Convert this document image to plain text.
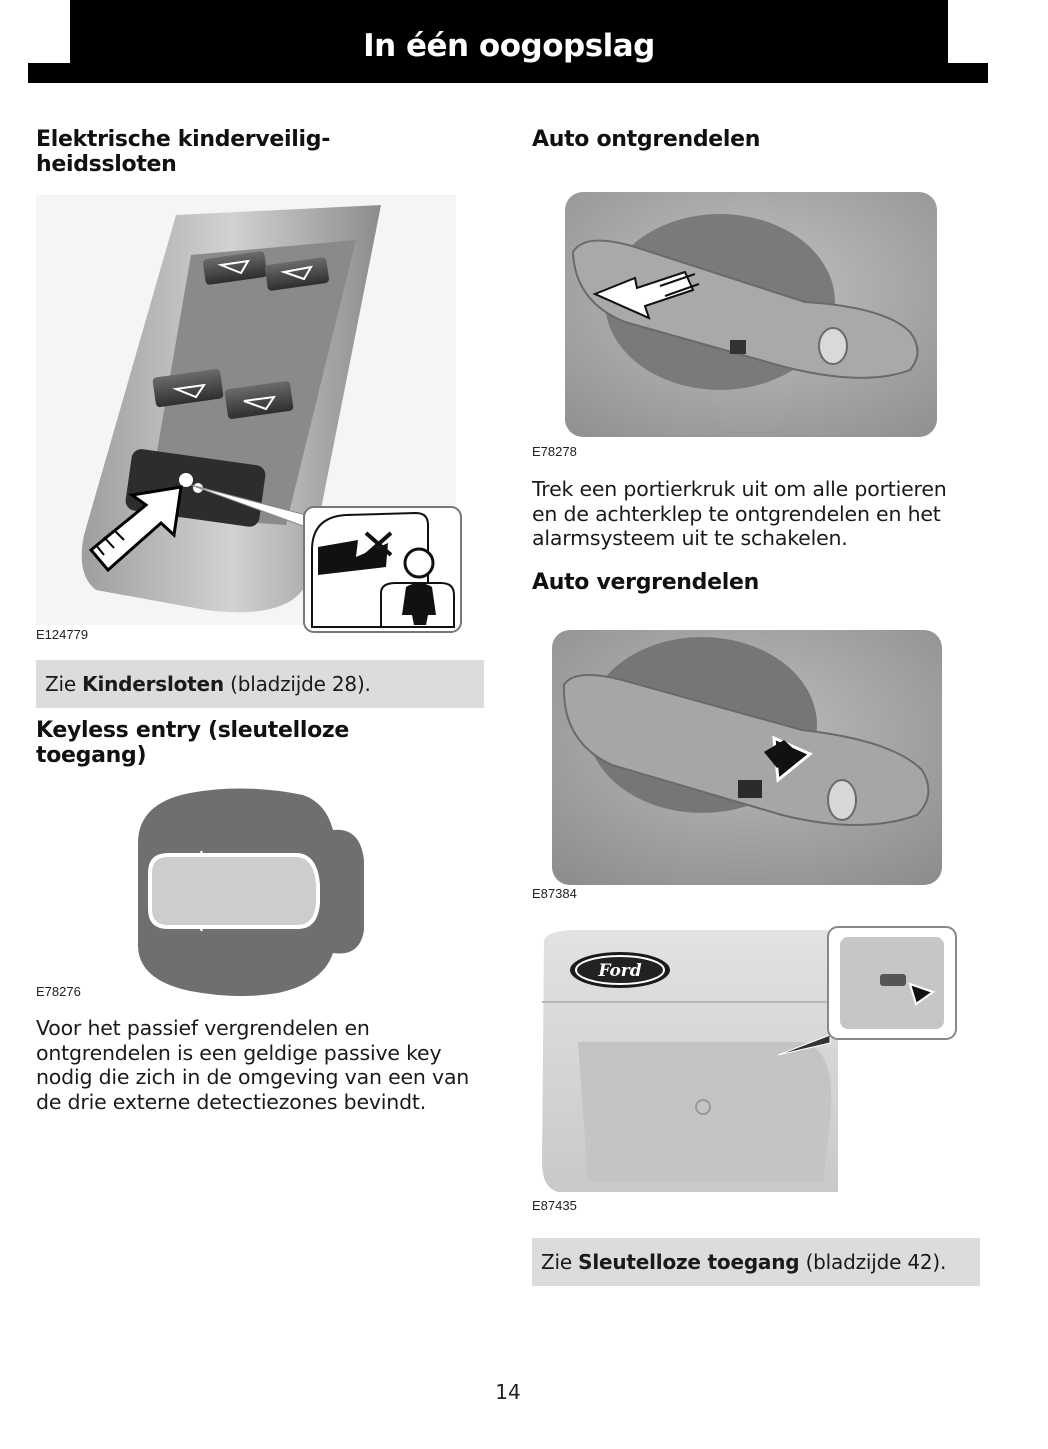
In één oogopslag
Elektrische kinderveilig-
heidssloten
E124779
Zie
Kindersloten
(bladzijde 28).
Keyless entry (sleutelloze
toegang)
E78276
Voor het passief vergrendelen en
ontgrendelen is een geldige passive key
nodig die zich in de omgeving van een van
de drie externe detectiezones bevindt.
Auto ontgrendelen
E78278
Trek een portierkruk uit om alle portieren
en de achterklep te ontgrendelen en het
alarmsysteem uit te schakelen.
Auto vergrendelen
E87384
Ford
E87435
Zie
Sleutelloze toegang
(bladzijde 42).
14
